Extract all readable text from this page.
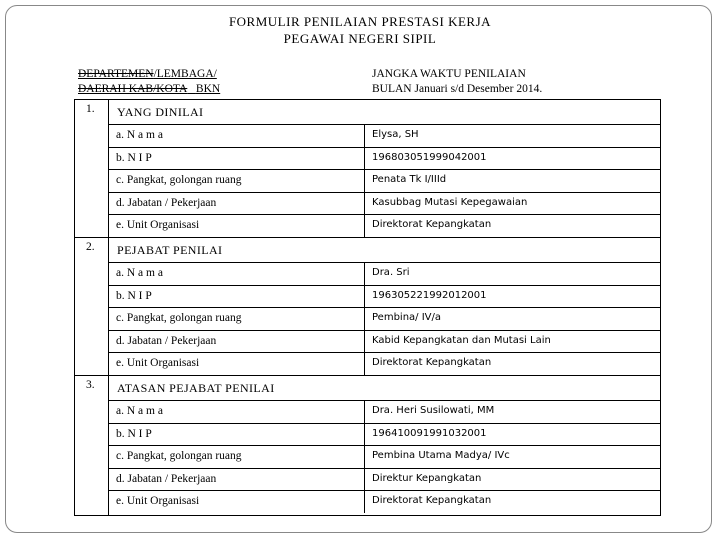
FORMULIR PENILAIAN PRESTASI KERJA
PEGAWAI NEGERI SIPIL
DEPARTEMEN/LEMBAGA/
DAERAH KAB/KOTA BKN
JANGKA WAKTU PENILAIAN
BULAN Januari s/d Desember 2014.
1. YANG DINILAI
a. N a m a	Elysa, SH
b. N I P	196803051999042001
c. Pangkat, golongan ruang	Penata Tk I/IIId
d. Jabatan / Pekerjaan	Kasubbag Mutasi Kepegawaian
e. Unit Organisasi	Direktorat Kepangkatan
2. PEJABAT PENILAI
a. N a m a	Dra. Sri
b. N I P	196305221992012001
c. Pangkat, golongan ruang	Pembina/ IV/a
d. Jabatan / Pekerjaan	Kabid Kepangkatan dan Mutasi Lain
e. Unit Organisasi	Direktorat Kepangkatan
3. ATASAN PEJABAT PENILAI
a. N a m a	Dra. Heri Susilowati, MM
b. N I P	196410091991032001
c. Pangkat, golongan ruang	Pembina Utama Madya/ IVc
d. Jabatan / Pekerjaan	Direktur Kepangkatan
e. Unit Organisasi	Direktorat Kepangkatan
